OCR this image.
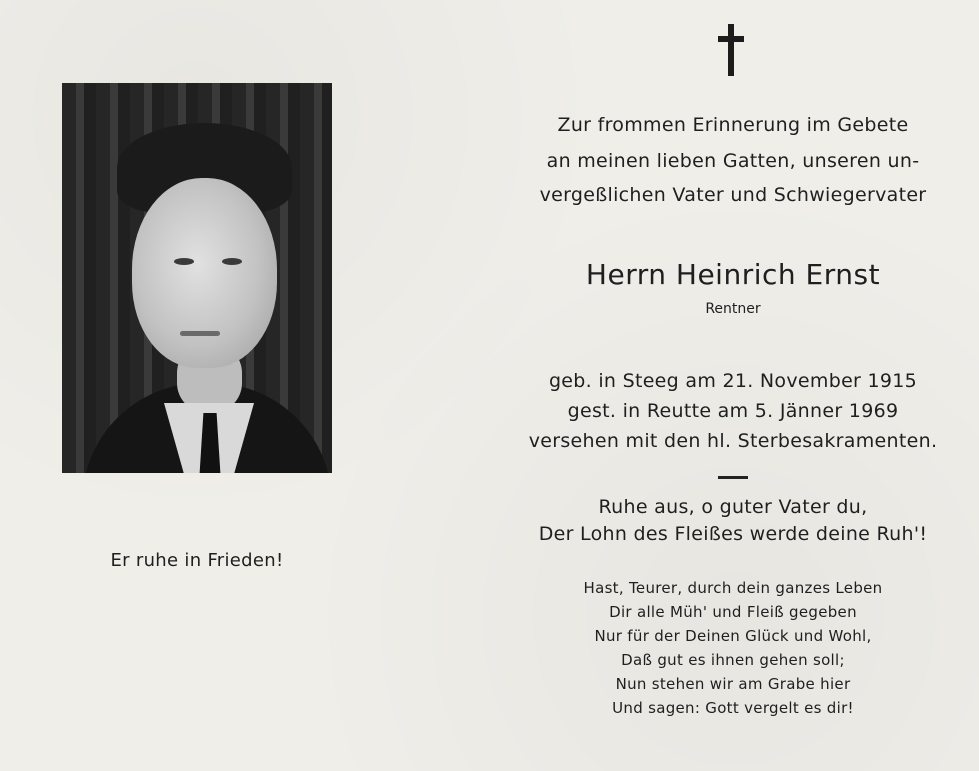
Er ruhe in Frieden!
Zur frommen Erinnerung im Gebete
an meinen lieben Gatten, unseren un-
vergeßlichen Vater und Schwiegervater
Herrn Heinrich Ernst
Rentner
geb. in Steeg am 21. November 1915
gest. in Reutte am 5. Jänner 1969
versehen mit den hl. Sterbesakramenten.
Ruhe aus, o guter Vater du,
Der Lohn des Fleißes werde deine Ruh'!
Hast, Teurer, durch dein ganzes Leben
Dir alle Müh' und Fleiß gegeben
Nur für der Deinen Glück und Wohl,
Daß gut es ihnen gehen soll;
Nun stehen wir am Grabe hier
Und sagen: Gott vergelt es dir!
